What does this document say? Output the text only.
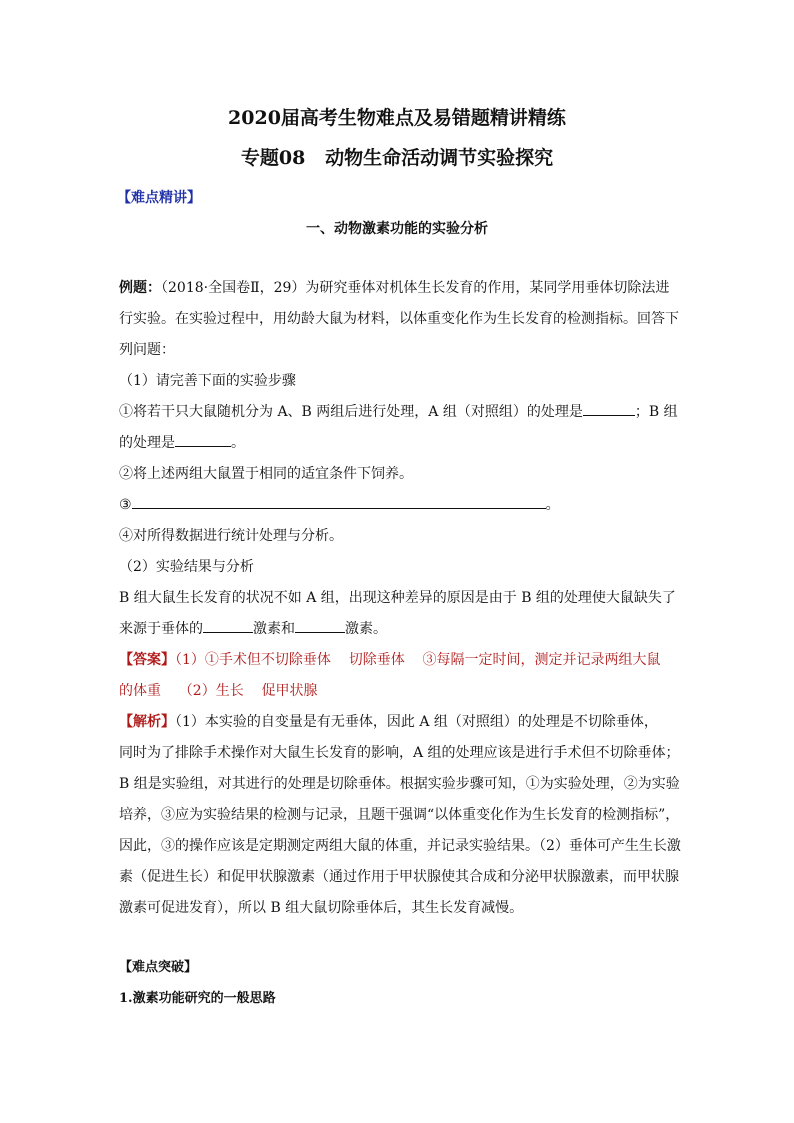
2020届高考生物难点及易错题精讲精练
专题08   动物生命活动调节实验探究
【难点精讲】
一、动物激素功能的实验分析
例题：（2018·全国卷Ⅱ，29）为研究垂体对机体生长发育的作用，某同学用垂体切除法进
行实验。在实验过程中，用幼龄大鼠为材料，以体重变化作为生长发育的检测指标。回答下
列问题：
（1）请完善下面的实验步骤
①将若干只大鼠随机分为 A、B 两组后进行处理，A 组（对照组）的处理是	；B 组
的处理是	。
②将上述两组大鼠置于相同的适宜条件下饲养。
③	。
④对所得数据进行统计处理与分析。
（2）实验结果与分析
B 组大鼠生长发育的状况不如 A 组，出现这种差异的原因是由于 B 组的处理使大鼠缺失了
来源于垂体的	激素和	激素。
【答案】（1）①手术但不切除垂体    切除垂体    ③每隔一定时间，测定并记录两组大鼠
的体重    （2）生长    促甲状腺
【解析】（1）本实验的自变量是有无垂体，因此 A 组（对照组）的处理是不切除垂体，
同时为了排除手术操作对大鼠生长发育的影响，A 组的处理应该是进行手术但不切除垂体；
B 组是实验组，对其进行的处理是切除垂体。根据实验步骤可知，①为实验处理，②为实验
培养，③应为实验结果的检测与记录，且题干强调“以体重变化作为生长发育的检测指标”，
因此，③的操作应该是定期测定两组大鼠的体重，并记录实验结果。（2）垂体可产生生长激
素（促进生长）和促甲状腺激素（通过作用于甲状腺使其合成和分泌甲状腺激素，而甲状腺
激素可促进发育），所以 B 组大鼠切除垂体后，其生长发育减慢。
【难点突破】
1.激素功能研究的一般思路
